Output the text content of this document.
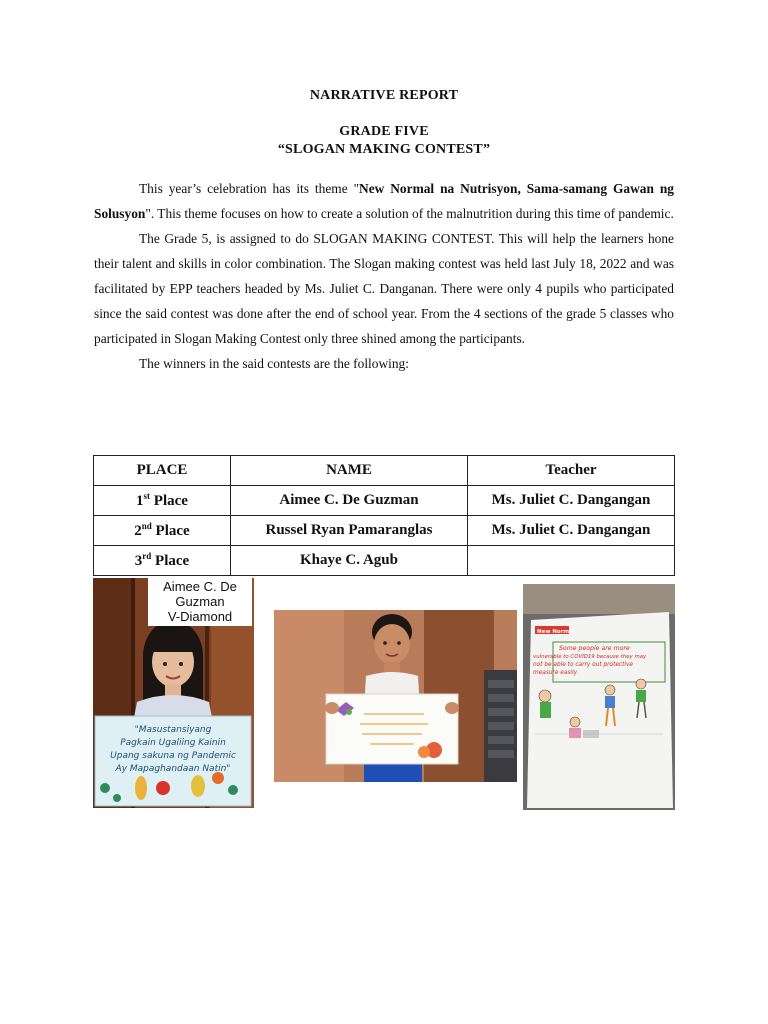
NARRATIVE REPORT
GRADE FIVE
“SLOGAN MAKING CONTEST”

This year’s celebration has its theme "New Normal na Nutrisyon, Sama-samang Gawan ng Solusyon". This theme focuses on how to create a solution of the malnutrition during this time of pandemic.

The Grade 5, is assigned to do SLOGAN MAKING CONTEST. This will help the learners hone their talent and skills in color combination. The Slogan making contest was held last July 18, 2022 and was facilitated by EPP teachers headed by Ms. Juliet C. Danganan. There were only 4 pupils who participated since the said contest was done after the end of school year. From the 4 sections of the grade 5 classes who participated in Slogan Making Contest only three shined among the participants.

The winners in the said contests are the following:

PLACE	NAME	Teacher
1st Place	Aimee C. De Guzman	Ms. Juliet C. Dangangan
2nd Place	Russel Ryan Pamaranglas	Ms. Juliet C. Dangangan
3rd Place	Khaye C. Agub	
"Masustansiyang
Pagkain Ugaliing Kainin
Upang sakuna ng Pandemic
Ay Mapaghandaan Natin"
Aimee C. De
Guzman
V-Diamond
New Normal
Some people are more
vulnerable to COVID19 because they may
not be able to carry out protective
measure easily
